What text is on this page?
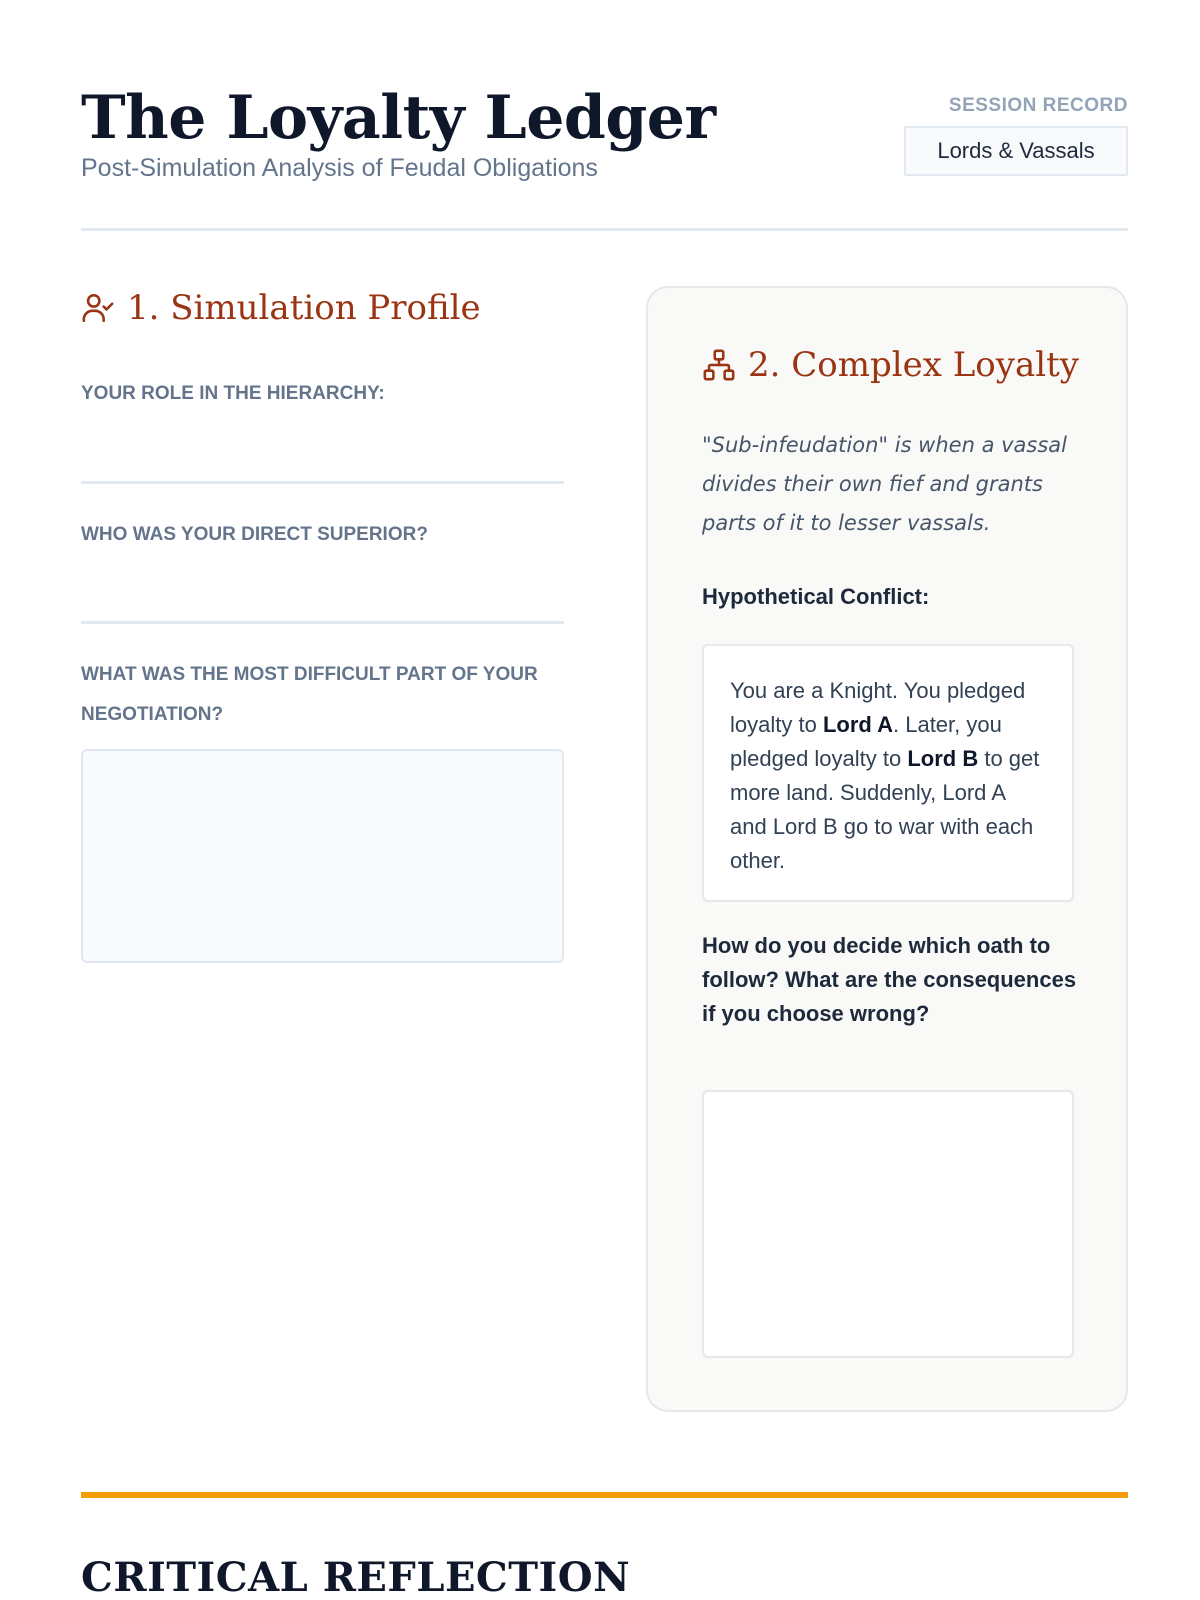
The Loyalty Ledger
Post-Simulation Analysis of Feudal Obligations
SESSION RECORD
Lords & Vassals
1. Simulation Profile
YOUR ROLE IN THE HIERARCHY:
WHO WAS YOUR DIRECT SUPERIOR?
WHAT WAS THE MOST DIFFICULT PART OF YOUR NEGOTIATION?
2. Complex Loyalty

"Sub-infeudation" is when a vassal divides their own fief and grants parts of it to lesser vassals.

Hypothetical Conflict:
You are a Knight. You pledged loyalty to Lord A. Later, you pledged loyalty to Lord B to get more land. Suddenly, Lord A and Lord B go to war with each other.
How do you decide which oath to follow? What are the consequences if you choose wrong?
CRITICAL REFLECTION
